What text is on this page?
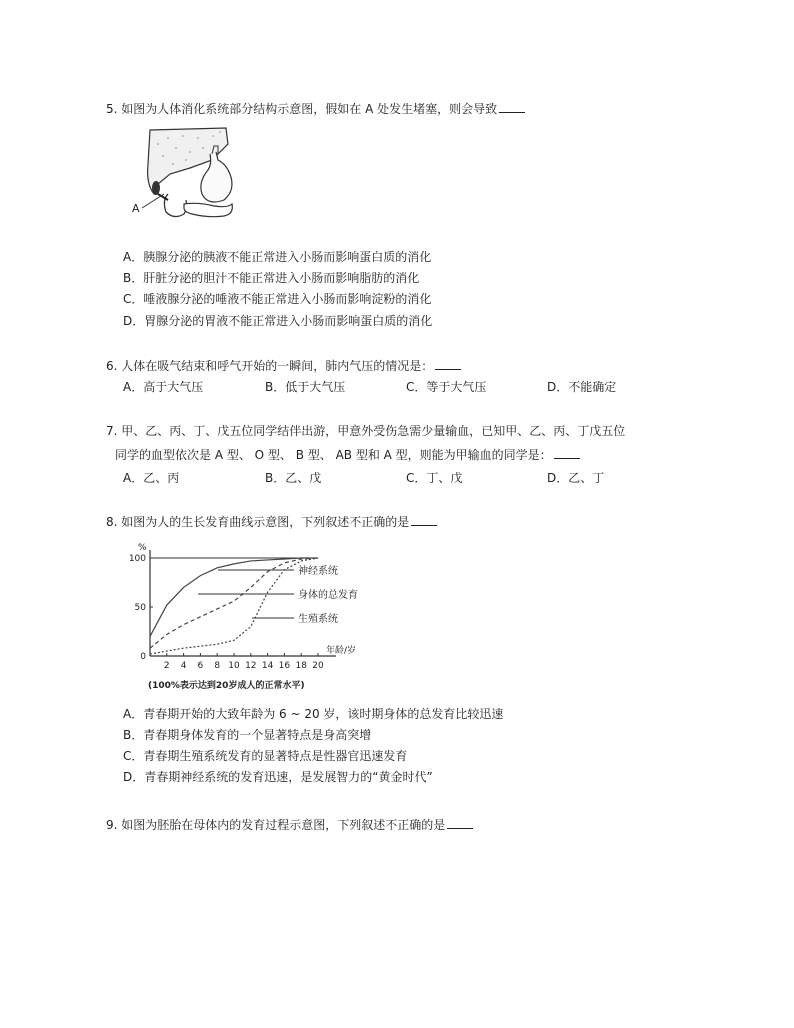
5. 如图为人体消化系统部分结构示意图，假如在 A 处发生堵塞，则会导致
A
A．胰腺分泌的胰液不能正常进入小肠而影响蛋白质的消化
B．肝脏分泌的胆汁不能正常进入小肠而影响脂肪的消化
C．唾液腺分泌的唾液不能正常进入小肠而影响淀粉的消化
D．胃腺分泌的胃液不能正常进入小肠而影响蛋白质的消化
6. 人体在吸气结束和呼气开始的一瞬间，肺内气压的情况是：
A．高于大气压	B．低于大气压	C．等于大气压	D．不能确定
7. 甲、乙、丙、丁、戊五位同学结伴出游，甲意外受伤急需少量输血，已知甲、乙、丙、丁戊五位
同学的血型依次是 A 型、 O 型、 B 型、 AB 型和 A 型，则能为甲输血的同学是：
A．乙、丙	B．乙、戊	C．丁、戊	D．乙、丁
8. 如图为人的生长发育曲线示意图，下列叙述不正确的是
%
0
50
100
2 4 6 8 10 12 14 16 18 20
年龄/岁
神经系统
身体的总发育
生殖系统
(100%表示达到20岁成人的正常水平)
A．青春期开始的大致年龄为 6 ~ 20 岁，该时期身体的总发育比较迅速
B．青春期身体发育的一个显著特点是身高突增
C．青春期生殖系统发育的显著特点是性器官迅速发育
D．青春期神经系统的发育迅速，是发展智力的“黄金时代”
9. 如图为胚胎在母体内的发育过程示意图，下列叙述不正确的是
